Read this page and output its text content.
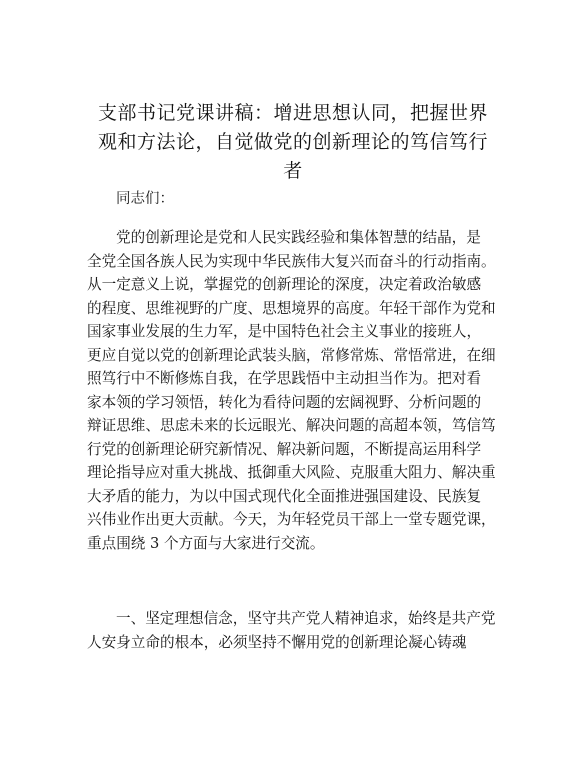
支部书记党课讲稿：增进思想认同，把握世界
观和方法论，自觉做党的创新理论的笃信笃行
者

同志们：

党的创新理论是党和人民实践经验和集体智慧的结晶，是
全党全国各族人民为实现中华民族伟大复兴而奋斗的行动指南。
从一定意义上说，掌握党的创新理论的深度，决定着政治敏感
的程度、思维视野的广度、思想境界的高度。年轻干部作为党和
国家事业发展的生力军，是中国特色社会主义事业的接班人，
更应自觉以党的创新理论武装头脑，常修常炼、常悟常进，在细
照笃行中不断修炼自我，在学思践悟中主动担当作为。把对看
家本领的学习领悟，转化为看待问题的宏阔视野、分析问题的
辩证思维、思虑未来的长远眼光、解决问题的高超本领，笃信笃
行党的创新理论研究新情况、解决新问题，不断提高运用科学
理论指导应对重大挑战、抵御重大风险、克服重大阻力、解决重
大矛盾的能力，为以中国式现代化全面推进强国建设、民族复
兴伟业作出更大贡献。今天，为年轻党员干部上一堂专题党课，
重点围绕 3 个方面与大家进行交流。
一、坚定理想信念，坚守共产党人精神追求，始终是共产党
人安身立命的根本，必须坚持不懈用党的创新理论凝心铸魂
